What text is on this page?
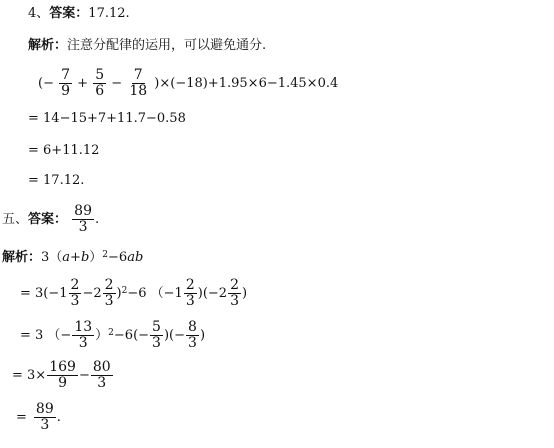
4、答案：17.12.
解析：注意分配律的运用，可以避免通分.
(− $\frac{7}{9} + \frac{5}{6} - \frac{7}{18} )\times(-18)+1.95\times 6-1.45\times 0.4$
= 14−15+7+11.7−0.58
= 6+11.12
= 17.12.
五、答案： $\frac{89}{3}$ .
解析：$3(a+b)^2-6ab$
= $3(-1 \frac{2}{3} -2 \frac{2}{3} )^2-6$ $(-1 \frac{2}{3} )(-2 \frac{2}{3}$ )
= 3 （− $\frac{13}{3} )^2-6(- \frac{5}{3}$ )(− $\frac{8}{3}$ )
= $3\times \frac{169}{9} - \frac{80}{3}$
= $\frac{89}{3}$ .
